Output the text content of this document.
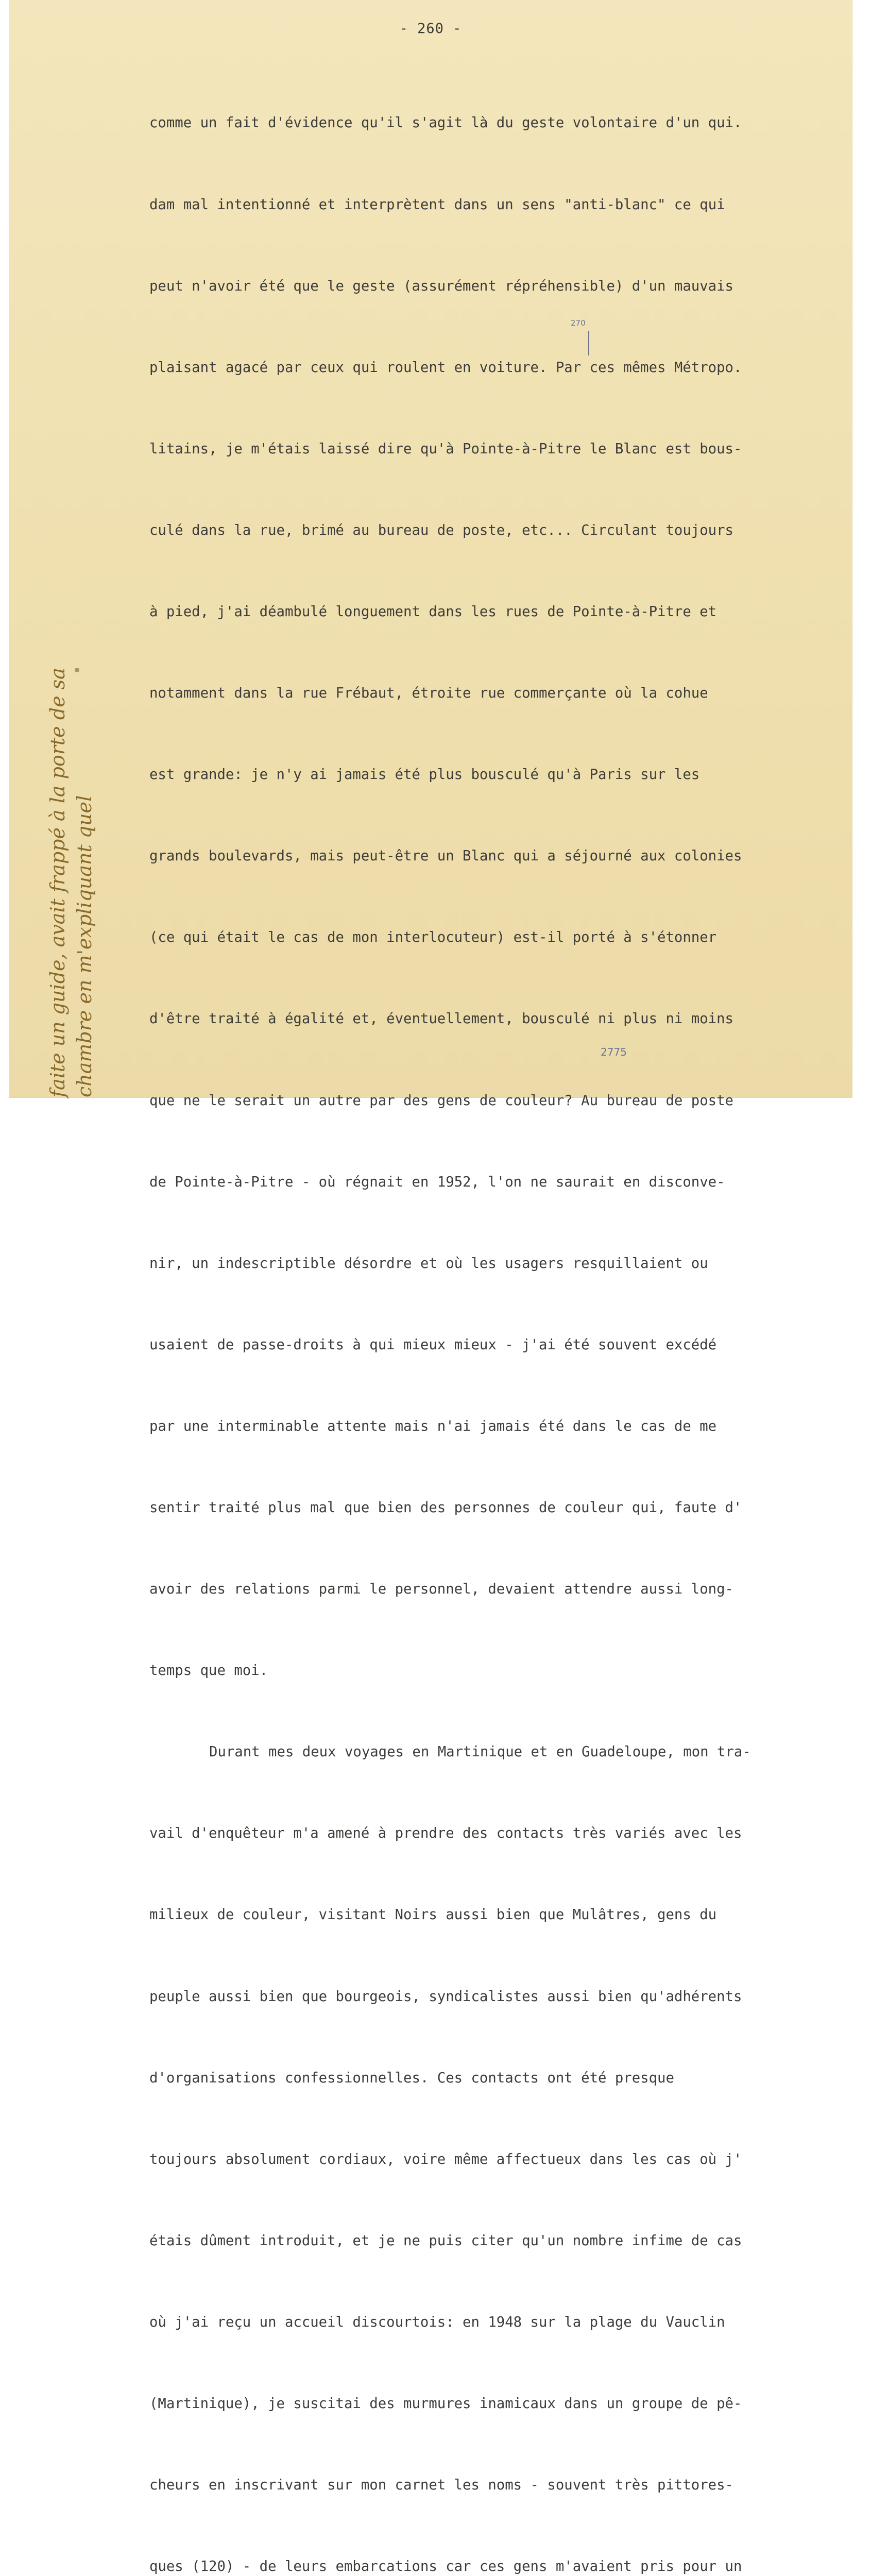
- 260 -

comme un fait d'évidence qu'il s'agit là du geste volontaire d'un qui.

dam mal intentionné et interprètent dans un sens "anti-blanc" ce qui

peut n'avoir été que le geste (assurément répréhensible) d'un mauvais

plaisant agacé par ceux qui roulent en voiture. Par ces mêmes Métropo.

litains, je m'étais laissé dire qu'à Pointe-à-Pitre le Blanc est bous-

culé dans la rue, brimé au bureau de poste, etc... Circulant toujours

à pied, j'ai déambulé longuement dans les rues de Pointe-à-Pitre et

notamment dans la rue Frébaut, étroite rue commerçante où la cohue

est grande: je n'y ai jamais été plus bousculé qu'à Paris sur les

grands boulevards, mais peut-être un Blanc qui a séjourné aux colonies

(ce qui était le cas de mon interlocuteur) est-il porté à s'étonner

d'être traité à égalité et, éventuellement, bousculé ni plus ni moins

que ne le serait un autre par des gens de couleur? Au bureau de poste

de Pointe-à-Pitre - où régnait en 1952, l'on ne saurait en disconve-

nir, un indescriptible désordre et où les usagers resquillaient ou

usaient de passe-droits à qui mieux mieux - j'ai été souvent excédé

par une interminable attente mais n'ai jamais été dans le cas de me

sentir traité plus mal que bien des personnes de couleur qui, faute d'

avoir des relations parmi le personnel, devaient attendre aussi long-

temps que moi.

Durant mes deux voyages en Martinique et en Guadeloupe, mon tra-

vail d'enquêteur m'a amené à prendre des contacts très variés avec les

milieux de couleur, visitant Noirs aussi bien que Mulâtres, gens du

peuple aussi bien que bourgeois, syndicalistes aussi bien qu'adhérents

d'organisations confessionnelles. Ces contacts ont été presque

toujours absolument cordiaux, voire même affectueux dans les cas où j'

étais dûment introduit, et je ne puis citer qu'un nombre infime de cas

où j'ai reçu un accueil discourtois: en 1948 sur la plage du Vauclin

(Martinique), je suscitai des murmures inamicaux dans un groupe de pê-

cheurs en inscrivant sur mon carnet les noms - souvent très pittores-

ques (120) - de leurs embarcations car ces gens m'avaient pris pour un

270
2775
faite un guide, avait frappé à la porte de sa chambre en m'expliquant quel
